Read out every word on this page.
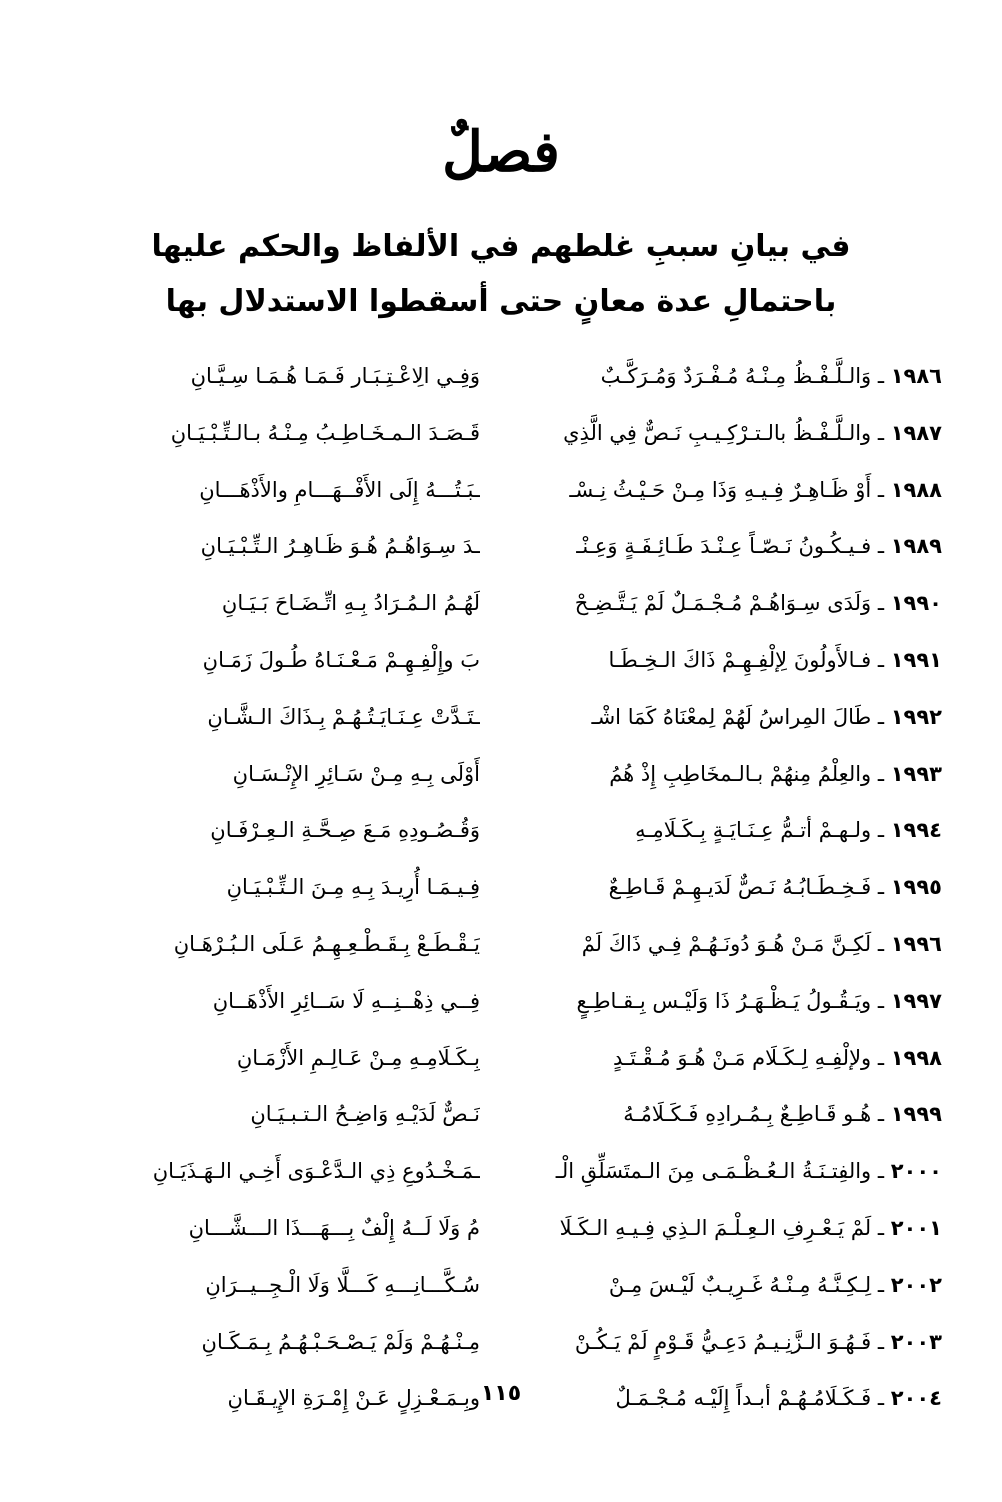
فصلٌ
في بيانِ سببِ غلطهم في الألفاظ والحكم عليها
باحتمالِ عدة معانٍ حتى أسقطوا الاستدلال بها
١٩٨٦ ـ وَالـلَّـفْـظُ مِـنْـهُ مُـفْـرَدٌ وَمُـرَكَّـبٌ
وَفِـي الِاعْـتِـبَـار فَـمَـا هُـمَـا سِـيَّـانِ
١٩٨٧ ـ والـلَّـفْـظُ بالـتـرْكِـيـبِ نَـصٌّ فِي الَّذِي
قَـصَـدَ الـمـخَـاطِـبُ مِـنْـهُ بـالـتِّـبْـيَـانِ
١٩٨٨ ـ أَوْ ظَـاهِـرٌ فِـيـهِ وَذَا مِـنْ حَـيْـثُ نِـسْـ
ـبَـتُـــهُ إِلَى الأَفْــهَـــامِ والأَذْهَـــانِ
١٩٨٩ ـ فـيـكُـونُ نَـصّـاً عِـنْـدَ طَـائِـفَـةٍ وَعِـنْـ
ـدَ سِـوَاهُـمُ هُـوَ ظَـاهِـرُ الـتِّـبْـيَـانِ
١٩٩٠ ـ وَلَدَى سِـوَاهُـمْ مُـجْـمَـلٌ لَمْ يَـتَّـضِـحْ
لَهُـمُ الـمُـرَادُ بِـهِ اتِّـضَـاحَ بَـيَـانِ
١٩٩١ ـ فـالأَولُونَ لِإلْفِـهِـمْ ذَاكَ الـخِـطَـا
بَ وإِلْفِـهِـمْ مَـعْـنَـاهُ طُـولَ زَمَـانِ
١٩٩٢ ـ طَالَ المِراسُ لَهُمْ لِمعْنَاهُ كَمَا اشْـ
ـتَـدَّتْ عِـنَـايَـتُـهُـمْ بِـذَاكَ الـشَّـانِ
١٩٩٣ ـ والعِلْمُ مِنهُمْ بـالـمخَاطِبِ إِذْ هُمُ
أَوْلَى بِـهِ مِـنْ سَـائِرِ الإِنْـسَـانِ
١٩٩٤ ـ ولـهـمْ أتـمُّ عِـنَـايَـةٍ بِـكَـلَامِـهِ
وَقُـصُـودِهِ مَـعَ صِـحَّـةِ الـعِـرْفَـانِ
١٩٩٥ ـ فَـخِـطَـابُـهُ نَـصٌّ لَدَيـهِـمْ قَـاطِـعٌ
فِـيـمَـا أُرِيـدَ بِـهِ مِـنَ الـتِّـبْـيَـانِ
١٩٩٦ ـ لَكِـنَّ مَـنْ هُـوَ دُونَـهُـمْ فِـي ذَاكَ لَمْ
يَـقْـطَـعْ بِـقَـطْـعِـهِـمُ عَـلَى الـبُـرْهَـانِ
١٩٩٧ ـ ويَـقُـولُ يَـظْـهَـرُ ذَا وَلَيْـس بِـقـاطِـعٍ
فِــي ذِهْــنِــهِ لَا سَــائِرِ الأَذْهَــانِ
١٩٩٨ ـ ولإلْفِـهِ لِـكَـلَام مَـنْ هُـوَ مُـقْـتَـدٍ
بِـكَـلَامِـهِ مِـنْ عَـالِـمِ الأَزْمَـانِ
١٩٩٩ ـ هُـو قَـاطِـعٌ بِـمُـرادِهِ فَـكَـلَامُـهُ
نَـصٌّ لَدَيْـهِ وَاضِـحُ الـتـبـيَـانِ
٢٠٠٠ ـ والفِتـنَـةُ الـعُـظْـمَـى مِنَ الـمتَسَلِّقِ الْـ
ـمَـخْـدُوعِ ذِي الـدَّعْـوَى أَخِـي الـهَـذَيَـانِ
٢٠٠١ ـ لَمْ يَـعْـرِفِ الـعِـلْـمَ الـذِي فِـيـهِ الـكَـلَا
مُ وَلَا لَــهُ إِلْفٌ بِـــهَـــذَا الـــشَّـــانِ
٢٠٠٢ ـ لِـكِـنَّـهُ مِـنْـهُ غَـرِيـبٌ لَيْـسَ مِـنْ
سُـكَّـــانِـــهِ كَـــلَّا وَلَا الْـجِــيــرَانِ
٢٠٠٣ ـ فَـهُـوَ الـزَّنِـيـمُ دَعِـيُّ قَـوْمٍ لَمْ يَـكُـنْ
مِـنْـهُـمْ وَلَمْ يَـصْـحَـبْـهُـمُ بِـمَـكَـانِ
٢٠٠٤ ـ فَـكَـلَامُـهُـمْ أبـداً إِلَيْـه مُـجْـمَـلٌ
وبِـمَـعْـزِلٍ عَـنْ إِمْـرَةِ الإِيـقَـانِ ١١٥
